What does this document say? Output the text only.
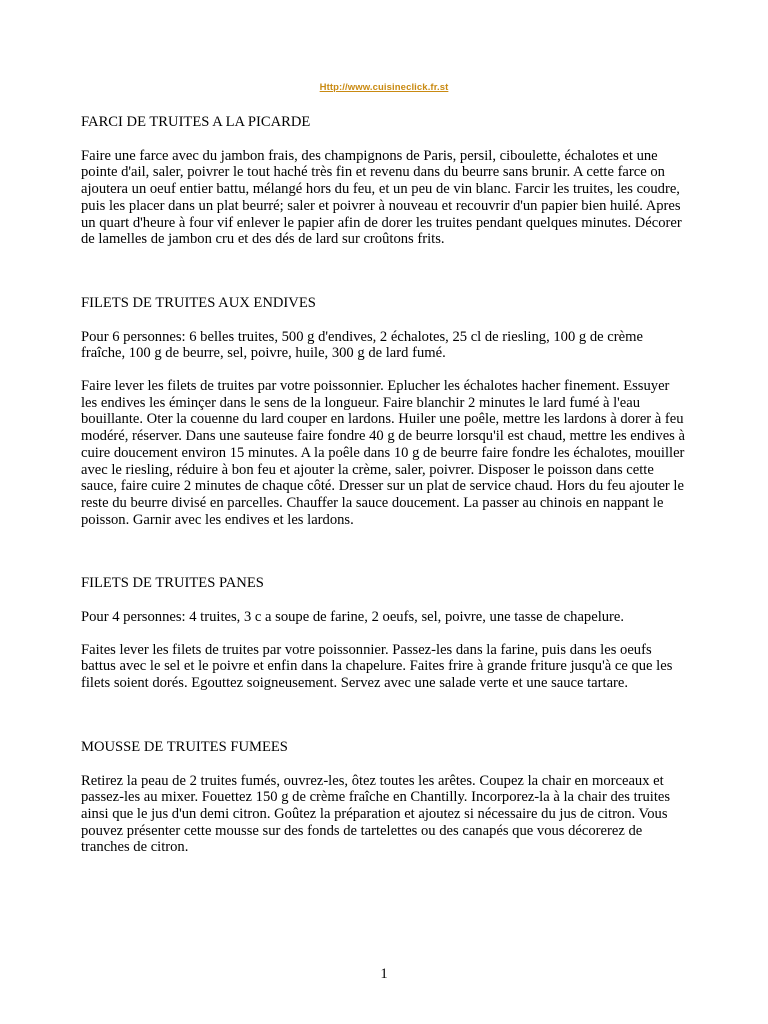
Http://www.cuisineclick.fr.st
FARCI DE TRUITES A LA PICARDE

Faire une farce avec du jambon frais, des champignons de Paris, persil, ciboulette, échalotes et une pointe d'ail, saler, poivrer le tout haché très fin et revenu dans du beurre sans brunir. A cette farce on ajoutera un oeuf entier battu, mélangé hors du feu, et un peu de vin blanc. Farcir les truites, les coudre, puis les placer dans un plat beurré; saler et poivrer à nouveau et recouvrir d'un papier bien huilé. Apres un quart d'heure à four vif enlever le papier afin de dorer les truites pendant quelques minutes. Décorer de lamelles de jambon cru et des dés de lard sur croûtons frits.

FILETS DE TRUITES AUX ENDIVES

Pour 6 personnes: 6 belles truites, 500 g d'endives, 2 échalotes, 25 cl de riesling, 100 g de crème fraîche, 100 g de beurre, sel, poivre, huile, 300 g de lard fumé.

Faire lever les filets de truites par votre poissonnier. Eplucher les échalotes hacher finement. Essuyer les endives les éminçer dans le sens de la longueur. Faire blanchir 2 minutes le lard fumé à l'eau bouillante. Oter la couenne du lard couper en lardons. Huiler une poêle, mettre les lardons à dorer à feu modéré, réserver. Dans une sauteuse faire fondre 40 g de beurre lorsqu'il est chaud, mettre les endives à cuire doucement environ 15 minutes. A la poêle dans 10 g de beurre faire fondre les échalotes, mouiller avec le riesling, réduire à bon feu et ajouter la crème, saler, poivrer. Disposer le poisson dans cette sauce, faire cuire 2 minutes de chaque côté. Dresser sur un plat de service chaud. Hors du feu ajouter le reste du beurre divisé en parcelles. Chauffer la sauce doucement. La passer au chinois en nappant le poisson. Garnir avec les endives et les lardons.

FILETS DE TRUITES PANES

Pour 4 personnes: 4 truites, 3 c a soupe de farine, 2 oeufs, sel, poivre, une tasse de chapelure.

Faites lever les filets de truites par votre poissonnier. Passez-les dans la farine, puis dans les oeufs battus avec le sel et le poivre et enfin dans la chapelure. Faites frire à grande friture jusqu'à ce que les filets soient dorés. Egouttez soigneusement. Servez avec une salade verte et une sauce tartare.

MOUSSE DE TRUITES FUMEES

Retirez la peau de 2 truites fumés, ouvrez-les, ôtez toutes les arêtes. Coupez la chair en morceaux et passez-les au mixer. Fouettez 150 g de crème fraîche en Chantilly. Incorporez-la à la chair des truites ainsi que le jus d'un demi citron. Goûtez la préparation et ajoutez si nécessaire du jus de citron. Vous pouvez présenter cette mousse sur des fonds de tartelettes ou des canapés que vous décorerez de tranches de citron.

1
